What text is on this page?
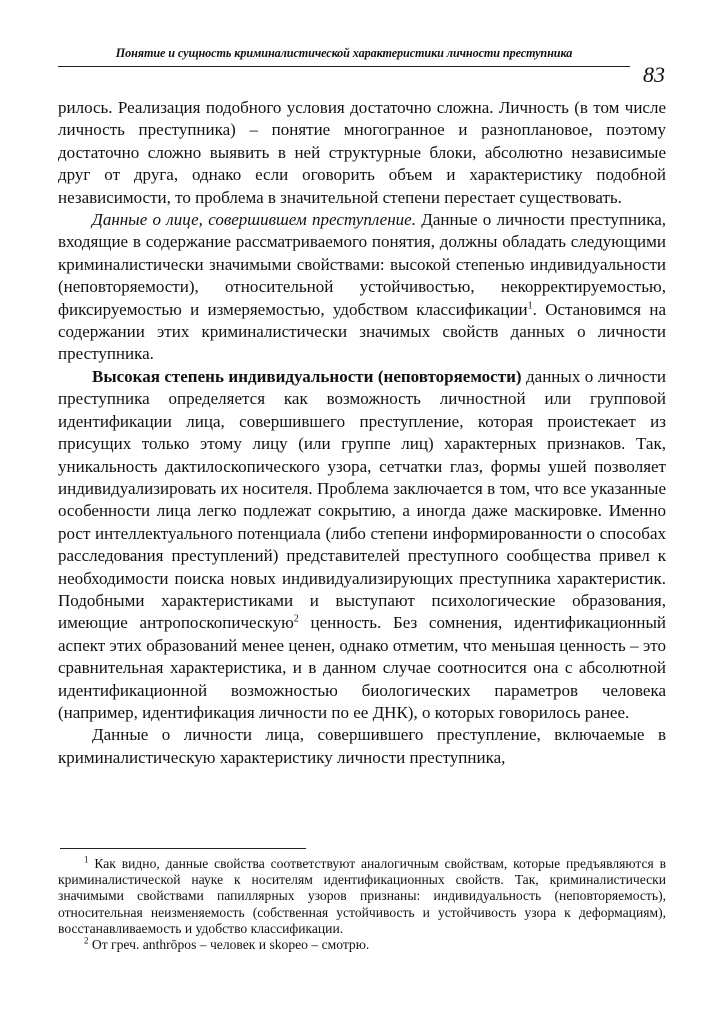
Понятие и сущность криминалистической характеристики личности преступника
83

рилось. Реализация подобного условия достаточно сложна. Личность (в том числе личность преступника) – понятие многогранное и разноплановое, поэтому достаточно сложно выявить в ней структурные блоки, абсолютно независимые друг от друга, однако если оговорить объем и характеристику подобной независимости, то проблема в значительной степени перестает существовать.

Данные о лице, совершившем преступление. Данные о личности преступника, входящие в содержание рассматриваемого понятия, должны обладать следующими криминалистически значимыми свойствами: высокой степенью индивидуальности (неповторяемости), относительной устойчивостью, некорректируемостью, фиксируемостью и измеряемостью, удобством классификации$^1$. Остановимся на содержании этих криминалистически значимых свойств данных о личности преступника.

Высокая степень индивидуальности (неповторяемости) данных о личности преступника определяется как возможность личностной или групповой идентификации лица, совершившего преступление, которая проистекает из присущих только этому лицу (или группе лиц) характерных признаков. Так, уникальность дактилоскопического узора, сетчатки глаз, формы ушей позволяет индивидуализировать их носителя. Проблема заключается в том, что все указанные особенности лица легко подлежат сокрытию, а иногда даже маскировке. Именно рост интеллектуального потенциала (либо степени информированности о способах расследования преступлений) представителей преступного сообщества привел к необходимости поиска новых индивидуализирующих преступника характеристик. Подобными характеристиками и выступают психологические образования, имеющие антропоскопическую$^2$ ценность. Без сомнения, идентификационный аспект этих образований менее ценен, однако отметим, что меньшая ценность – это сравнительная характеристика, и в данном случае соотносится она с абсолютной идентификационной возможностью биологических параметров человека (например, идентификация личности по ее ДНК), о которых говорилось ранее.

Данные о личности лица, совершившего преступление, включаемые в криминалистическую характеристику личности преступника,

$^1$ Как видно, данные свойства соответствуют аналогичным свойствам, которые предъявляются в криминалистической науке к носителям идентификационных свойств. Так, криминалистически значимыми свойствами папиллярных узоров признаны: индивидуальность (неповторяемость), относительная неизменяемость (собственная устойчивость и устойчивость узора к деформациям), восстанавливаемость и удобство классификации.

$^2$ От греч. anthrōpos – человек и skopeo – смотрю.
